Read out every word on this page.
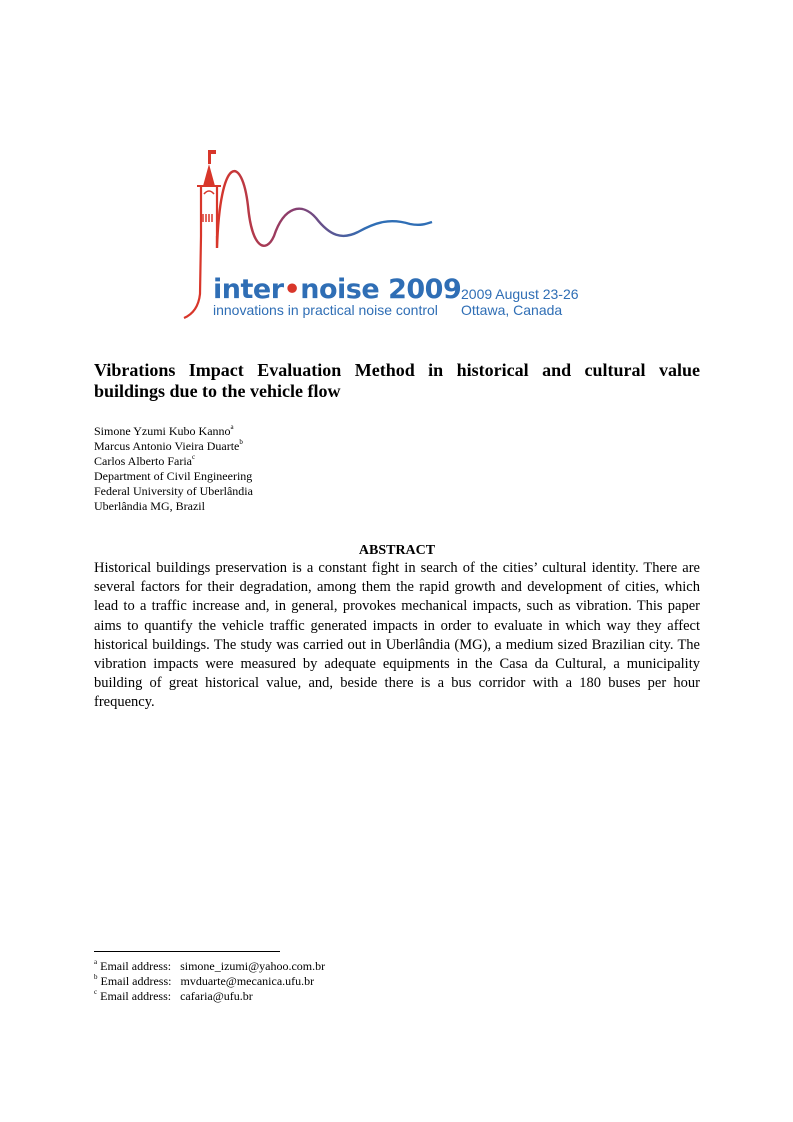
inter•noise 2009

innovations in practical noise control

2009 August 23-26

Ottawa, Canada

Vibrations Impact Evaluation Method in historical and cultural value buildings due to the vehicle flow
Simone Yzumi Kubo Kanno$^a$
Marcus Antonio Vieira Duarte$^b$
Carlos Alberto Faria$^c$
Department of Civil Engineering
Federal University of Uberlândia
Uberlândia MG, Brazil
ABSTRACT

Historical buildings preservation is a constant fight in search of the cities’ cultural identity. There are several factors for their degradation, among them the rapid growth and development of cities, which lead to a traffic increase and, in general, provokes mechanical impacts, such as vibration. This paper aims to quantify the vehicle traffic generated impacts in order to evaluate in which way they affect historical buildings. The study was carried out in Uberlândia (MG), a medium sized Brazilian city. The vibration impacts were measured by adequate equipments in the Casa da Cultural, a municipality building of great historical value, and, beside there is a bus corridor with a 180 buses per hour frequency.

$^a$ Email address: simone_izumi@yahoo.com.br
$^b$ Email address: mvduarte@mecanica.ufu.br
$^c$ Email address: cafaria@ufu.br
